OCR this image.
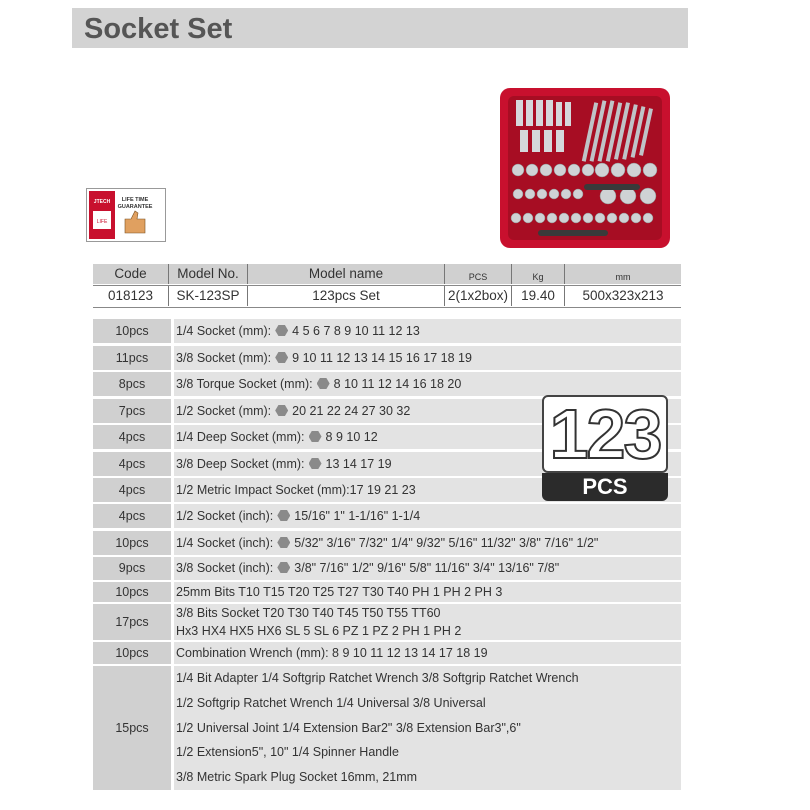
Socket Set
JTECH
LIFE
LIFE TIME
GUARANTEE
Code	Model No.	Model name	PCS	Kg	mm
018123	SK-123SP	123pcs Set	2(1x2box) 19.40	500x323x213
10pcs	1/4 Socket (mm): 4 5 6 7 8 9 10 11 12 13
11pcs	3/8 Socket (mm): 9 10 11 12 13 14 15 16 17 18 19
8pcs	3/8 Torque Socket (mm): 8 10 11 12 14 16 18 20
7pcs	1/2 Socket (mm): 20 21 22 24 27 30 32
4pcs	1/4 Deep Socket (mm): 8 9 10 12
4pcs	3/8 Deep Socket (mm): 13 14 17 19
4pcs	1/2 Metric Impact Socket (mm):17 19 21 23
4pcs	1/2 Socket (inch): 15/16" 1" 1-1/16" 1-1/4
10pcs	1/4 Socket (inch): 5/32" 3/16" 7/32" 1/4" 9/32" 5/16" 11/32" 3/8" 7/16" 1/2"
9pcs	3/8 Socket (inch): 3/8" 7/16" 1/2" 9/16" 5/8" 11/16" 3/4" 13/16" 7/8"
10pcs	25mm Bits T10 T15 T20 T25 T27 T30 T40 PH 1 PH 2 PH 3
17pcs
3/8 Bits Socket T20 T30 T40 T45 T50 T55 TT60
Hx3 HX4 HX5 HX6 SL 5 SL 6 PZ 1 PZ 2 PH 1 PH 2
10pcs	Combination Wrench (mm): 8 9 10 11 12 13 14 17 18 19
15pcs
1/4 Bit Adapter 1/4 Softgrip Ratchet Wrench 3/8 Softgrip Ratchet Wrench
1/2 Softgrip Ratchet Wrench 1/4 Universal 3/8 Universal
1/2 Universal Joint 1/4 Extension Bar2" 3/8 Extension Bar3",6"
1/2 Extension5", 10" 1/4 Spinner Handle
3/8 Metric Spark Plug Socket 16mm, 21mm
123
PCS
